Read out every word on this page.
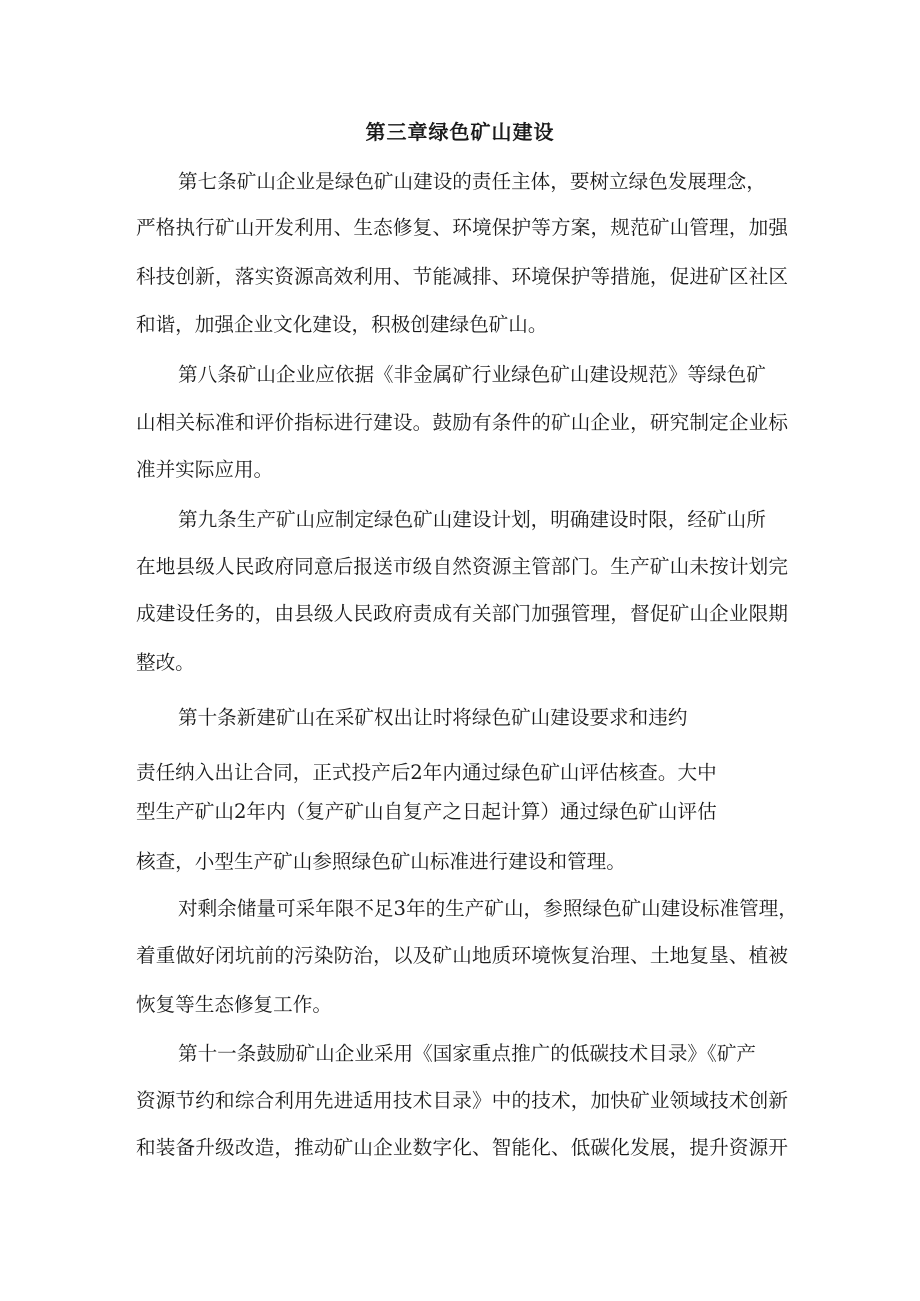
第三章绿色矿山建设
第七条矿山企业是绿色矿山建设的责任主体，要树立绿色发展理念，
严格执行矿山开发利用、生态修复、环境保护等方案，规范矿山管理，加强
科技创新，落实资源高效利用、节能减排、环境保护等措施，促进矿区社区
和谐，加强企业文化建设，积极创建绿色矿山。
第八条矿山企业应依据《非金属矿行业绿色矿山建设规范》等绿色矿
山相关标准和评价指标进行建设。鼓励有条件的矿山企业，研究制定企业标
准并实际应用。
第九条生产矿山应制定绿色矿山建设计划，明确建设时限，经矿山所
在地县级人民政府同意后报送市级自然资源主管部门。生产矿山未按计划完
成建设任务的，由县级人民政府责成有关部门加强管理，督促矿山企业限期
整改。
第十条新建矿山在采矿权出让时将绿色矿山建设要求和违约
责任纳入出让合同，正式投产后2年内通过绿色矿山评估核查。大中
型生产矿山2年内（复产矿山自复产之日起计算）通过绿色矿山评估
核查，小型生产矿山参照绿色矿山标准进行建设和管理。
对剩余储量可采年限不足3年的生产矿山，参照绿色矿山建设标准管理，
着重做好闭坑前的污染防治，以及矿山地质环境恢复治理、土地复垦、植被
恢复等生态修复工作。
第十一条鼓励矿山企业采用《国家重点推广的低碳技术目录》《矿产
资源节约和综合利用先进适用技术目录》中的技术，加快矿业领域技术创新
和装备升级改造，推动矿山企业数字化、智能化、低碳化发展，提升资源开
